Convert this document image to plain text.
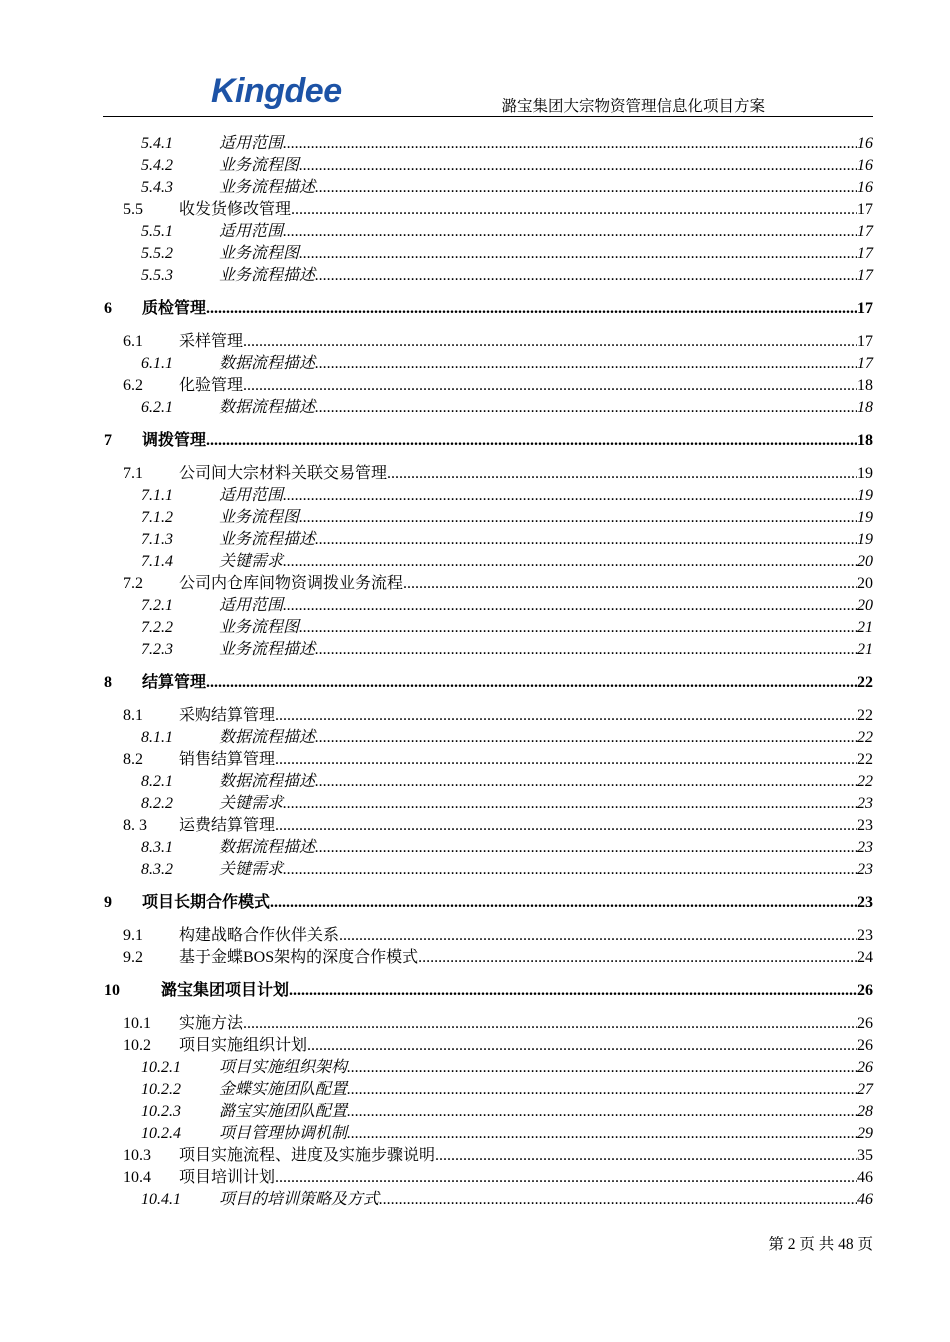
Kingdee	潞宝集团大宗物资管理信息化项目方案
5.4.1	适用范围 .....	16
5.4.2	业务流程图 .....	16
5.4.3	业务流程描述 .....	16
5.5	收发货修改管理 .....	17
5.5.1	适用范围 .....	17
5.5.2	业务流程图 .....	17
5.5.3	业务流程描述 .....	17
6	质检管理 .....	17
6.1	采样管理 .....	17
6.1.1	数据流程描述 .....	17
6.2	化验管理 .....	18
6.2.1	数据流程描述 .....	18
7	调拨管理 .....	18
7.1	公司间大宗材料关联交易管理 .....	19
7.1.1	适用范围 .....	19
7.1.2	业务流程图 .....	19
7.1.3	业务流程描述 .....	19
7.1.4	关键需求 .....	20
7.2	公司内仓库间物资调拨业务流程 .....	20
7.2.1	适用范围 .....	20
7.2.2	业务流程图 .....	21
7.2.3	业务流程描述 .....	21
8	结算管理 .....	22
8.1	采购结算管理 .....	22
8.1.1	数据流程描述 .....	22
8.2	销售结算管理 .....	22
8.2.1	数据流程描述 .....	22
8.2.2	关键需求 .....	23
8. 3	运费结算管理 .....	23
8.3.1	数据流程描述 .....	23
8.3.2	关键需求 .....	23
9	项目长期合作模式 .....	23
9.1	构建战略合作伙伴关系 .....	23
9.2	基于金蝶BOS架构的深度合作模式 .....	24
10	潞宝集团项目计划 .....	26
10.1	实施方法 .....	26
10.2	项目实施组织计划 .....	26
10.2.1	项目实施组织架构 .....	26
10.2.2	金蝶实施团队配置 .....	27
10.2.3	潞宝实施团队配置 .....	28
10.2.4	项目管理协调机制 .....	29
10.3	项目实施流程、进度及实施步骤说明 .....	35
10.4	项目培训计划 .....	46
10.4.1	项目的培训策略及方式 .....	46
第 2 页 共 48 页
